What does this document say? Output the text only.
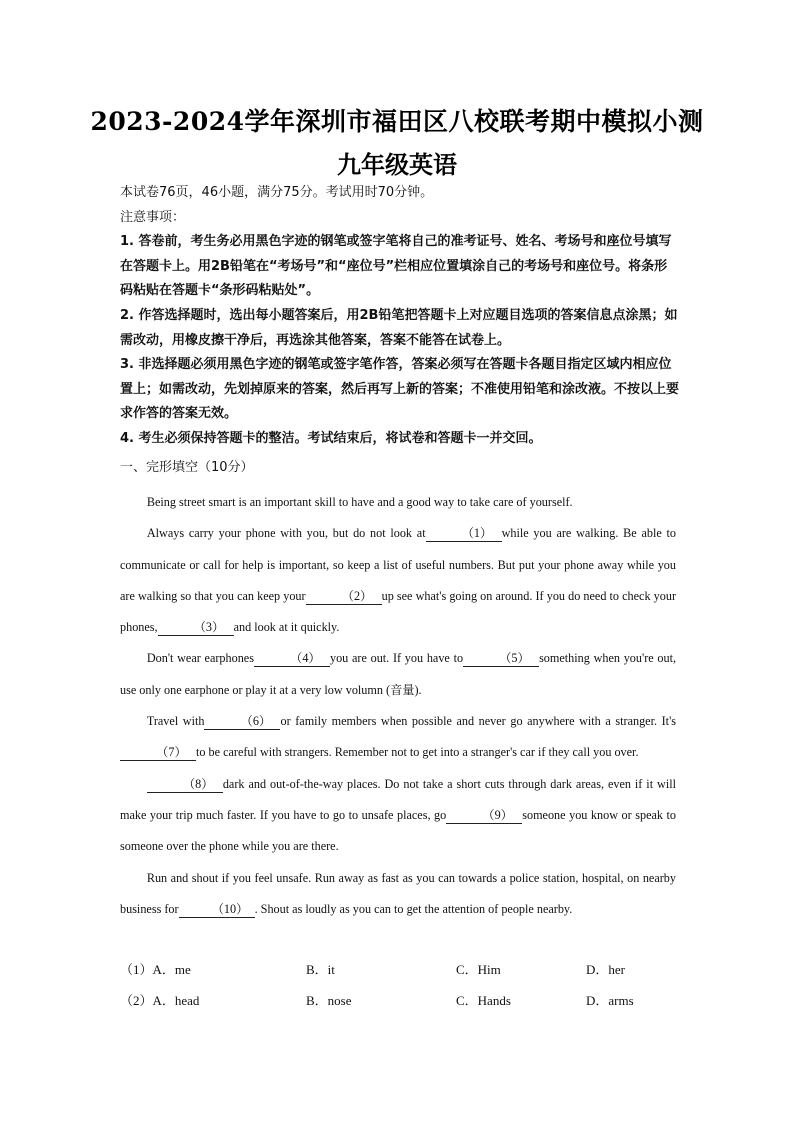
2023-2024学年深圳市福田区八校联考期中模拟小测
九年级英语

本试卷76页，46小题，满分75分。考试用时70分钟。

注意事项：

1. 答卷前，考生务必用黑色字迹的钢笔或签字笔将自己的准考证号、姓名、考场号和座位号填写在答题卡上。用2B铅笔在“考场号”和“座位号”栏相应位置填涂自己的考场号和座位号。将条形码粘贴在答题卡“条形码粘贴处”。

2. 作答选择题时，选出每小题答案后，用2B铅笔把答题卡上对应题目选项的答案信息点涂黑；如需改动，用橡皮擦干净后，再选涂其他答案，答案不能答在试卷上。

3. 非选择题必须用黑色字迹的钢笔或签字笔作答，答案必须写在答题卡各题目指定区域内相应位置上；如需改动，先划掉原来的答案，然后再写上新的答案；不准使用铅笔和涂改液。不按以上要求作答的答案无效。

4. 考生必须保持答题卡的整洁。考试结束后，将试卷和答题卡一并交回。

一、完形填空（10分）

Being street smart is an important skill to have and a good way to take care of yourself.

Always carry your phone with you, but do not look at	（1） while you are walking. Be able to communicate or call for help is important, so keep a list of useful numbers. But put your phone away while you are walking so that you can keep your	（2） up see what's going on around. If you do need to check your phones,	（3） and look at it quickly.

Don't wear earphones	（4） you are out. If you have to	（5） something when you're out, use only one earphone or play it at a very low volumn (音量).

Travel with	（6） or family members when possible and never go anywhere with a stranger. It's（7） to be careful with strangers. Remember not to get into a stranger's car if they call you over.

（8） dark and out-of-the-way places. Do not take a short cuts through dark areas, even if it will make your trip much faster. If you have to go to unsafe places, go	（9） someone you know or speak to someone over the phone while you are there.

Run and shout if you feel unsafe. Run away as fast as you can towards a police station, hospital, on nearby business for	（10） . Shout as loudly as you can to get the attention of people nearby.

（1）A．me	B．it	C．Him	D．her
（2）A．head	B．nose	C．Hands	D．arms
